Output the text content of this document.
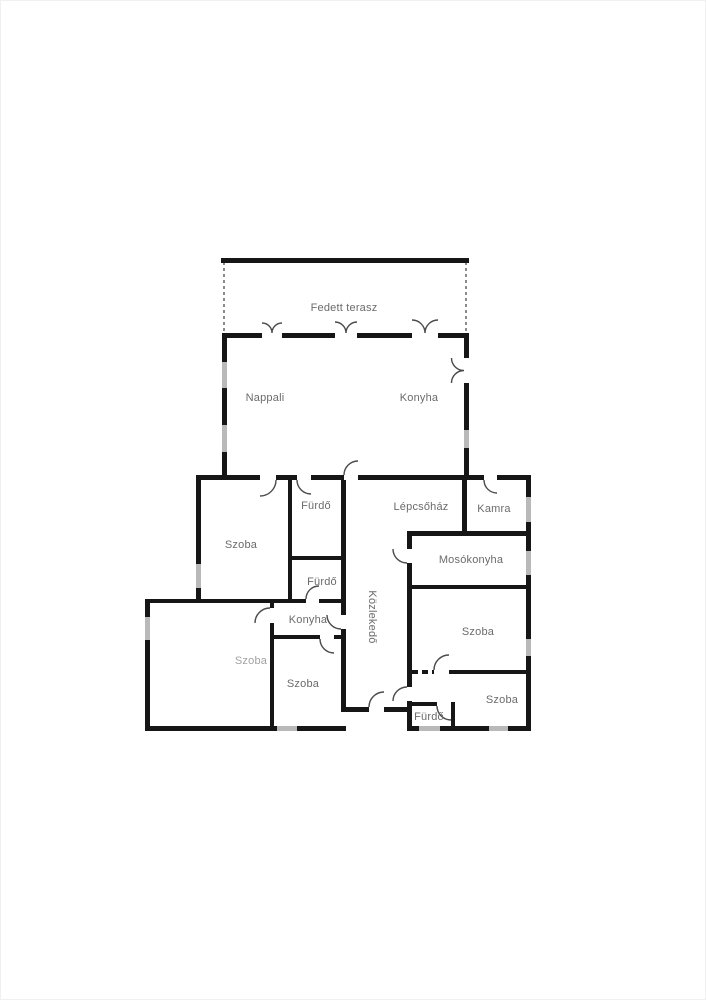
Fedett terasz
Nappali	Konyha
Fürdő	Lépcsőház	Kamra
Szoba
Fürdő
Mosókonyha
Közlekedő
Konyha
Szoba
Szoba
Szoba
Szoba
Fürdő
